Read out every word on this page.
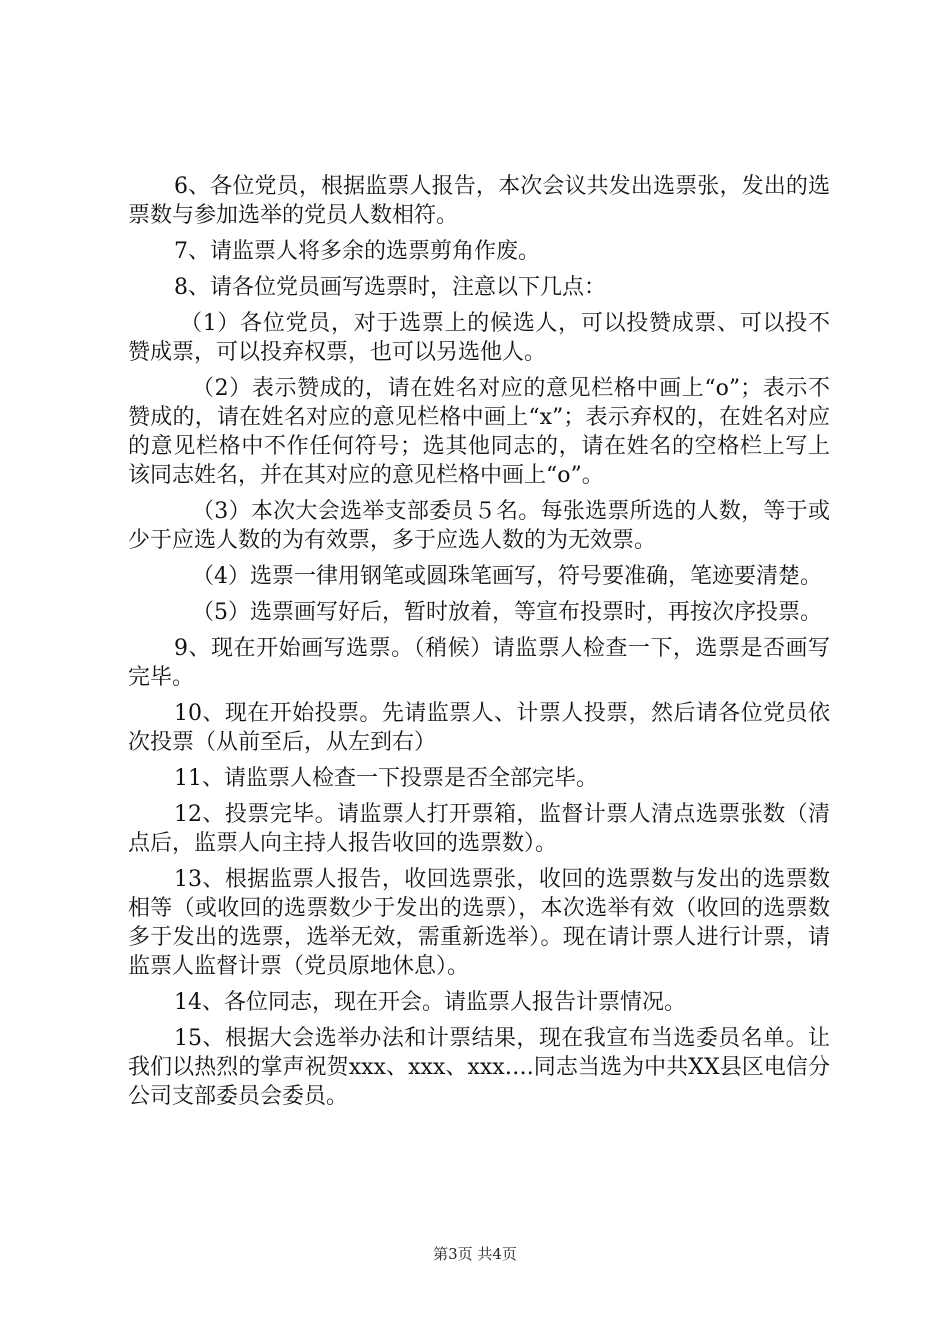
6、各位党员，根据监票人报告，本次会议共发出选票张，发出的选票数与参加选举的党员人数相符。

7、请监票人将多余的选票剪角作废。

8、请各位党员画写选票时，注意以下几点：

（1）各位党员，对于选票上的候选人，可以投赞成票、可以投不赞成票，可以投弃权票，也可以另选他人。

（2）表示赞成的，请在姓名对应的意见栏格中画上“o”；表示不赞成的，请在姓名对应的意见栏格中画上“x”；表示弃权的，在姓名对应的意见栏格中不作任何符号；选其他同志的，请在姓名的空格栏上写上该同志姓名，并在其对应的意见栏格中画上“o”。

（3）本次大会选举支部委员５名。每张选票所选的人数，等于或少于应选人数的为有效票，多于应选人数的为无效票。

（4）选票一律用钢笔或圆珠笔画写，符号要准确，笔迹要清楚。

（5）选票画写好后，暂时放着，等宣布投票时，再按次序投票。

9、现在开始画写选票。（稍候）请监票人检查一下，选票是否画写完毕。

10、现在开始投票。先请监票人、计票人投票，然后请各位党员依次投票（从前至后，从左到右）

11、请监票人检查一下投票是否全部完毕。

12、投票完毕。请监票人打开票箱，监督计票人清点选票张数（清点后，监票人向主持人报告收回的选票数）。

13、根据监票人报告，收回选票张，收回的选票数与发出的选票数相等（或收回的选票数少于发出的选票），本次选举有效（收回的选票数多于发出的选票，选举无效，需重新选举）。现在请计票人进行计票，请监票人监督计票（党员原地休息）。

14、各位同志，现在开会。请监票人报告计票情况。

15、根据大会选举办法和计票结果，现在我宣布当选委员名单。让我们以热烈的掌声祝贺xxx、xxx、xxx….同志当选为中共XX县区电信分公司支部委员会委员。

第3页 共4页
